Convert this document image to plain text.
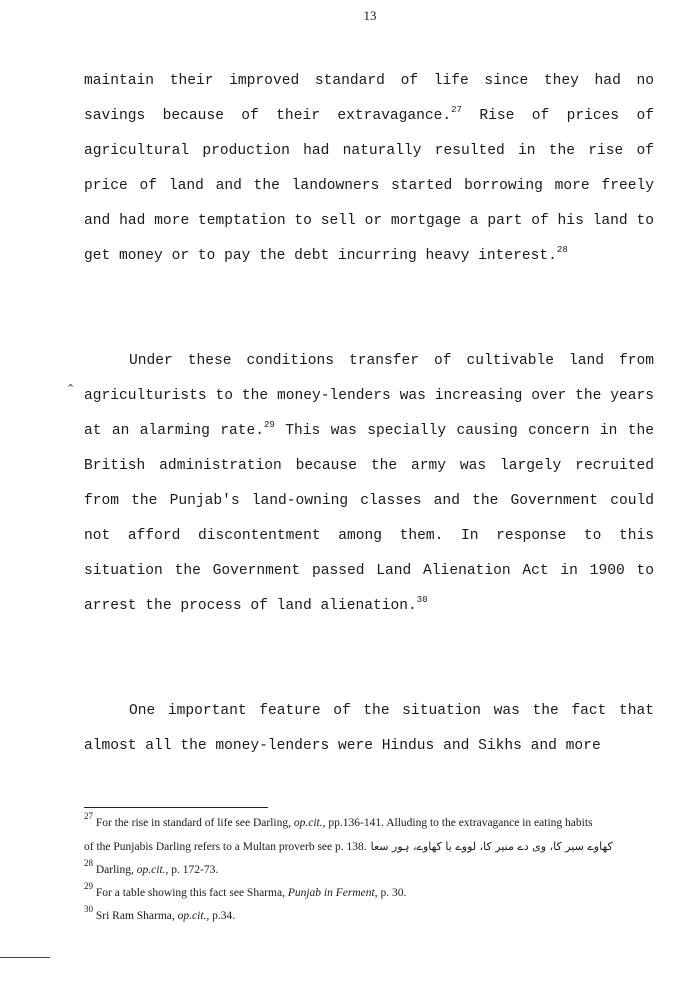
13
⌃

maintain their improved standard of life since they had no savings because of their extravagance.$^{27}$ Rise of prices of agricultural production had naturally resulted in the rise of price of land and the landowners started borrowing more freely and had more temptation to sell or mortgage a part of his land to get money or to pay the debt incurring heavy interest.$^{28}$

Under these conditions transfer of cultivable land from agriculturists to the money-lenders was increasing over the years at an alarming rate.$^{29}$ This was specially causing concern in the British administration because the army was largely recruited from the Punjab's land-owning classes and the Government could not afford discontentment among them. In response to this situation the Government passed Land Alienation Act in 1900 to arrest the process of land alienation.$^{30}$

One important feature of the situation was the fact that almost all the money-lenders were Hindus and Sikhs and more

$^{27}$ For the rise in standard of life see Darling, op.cit., pp.136-141. Alluding to the extravagance in eating habits
of the Punjabis Darling refers to a Multan proverb see p. 138. کھاوے سیر کا، وی دے منیر کا، لووے یا کھاوے، ہور سعا
$^{28}$ Darling, op.cit., p. 172-73.
$^{29}$ For a table showing this fact see Sharma, Punjab in Ferment, p. 30.
$^{30}$ Sri Ram Sharma, op.cit., p.34.
